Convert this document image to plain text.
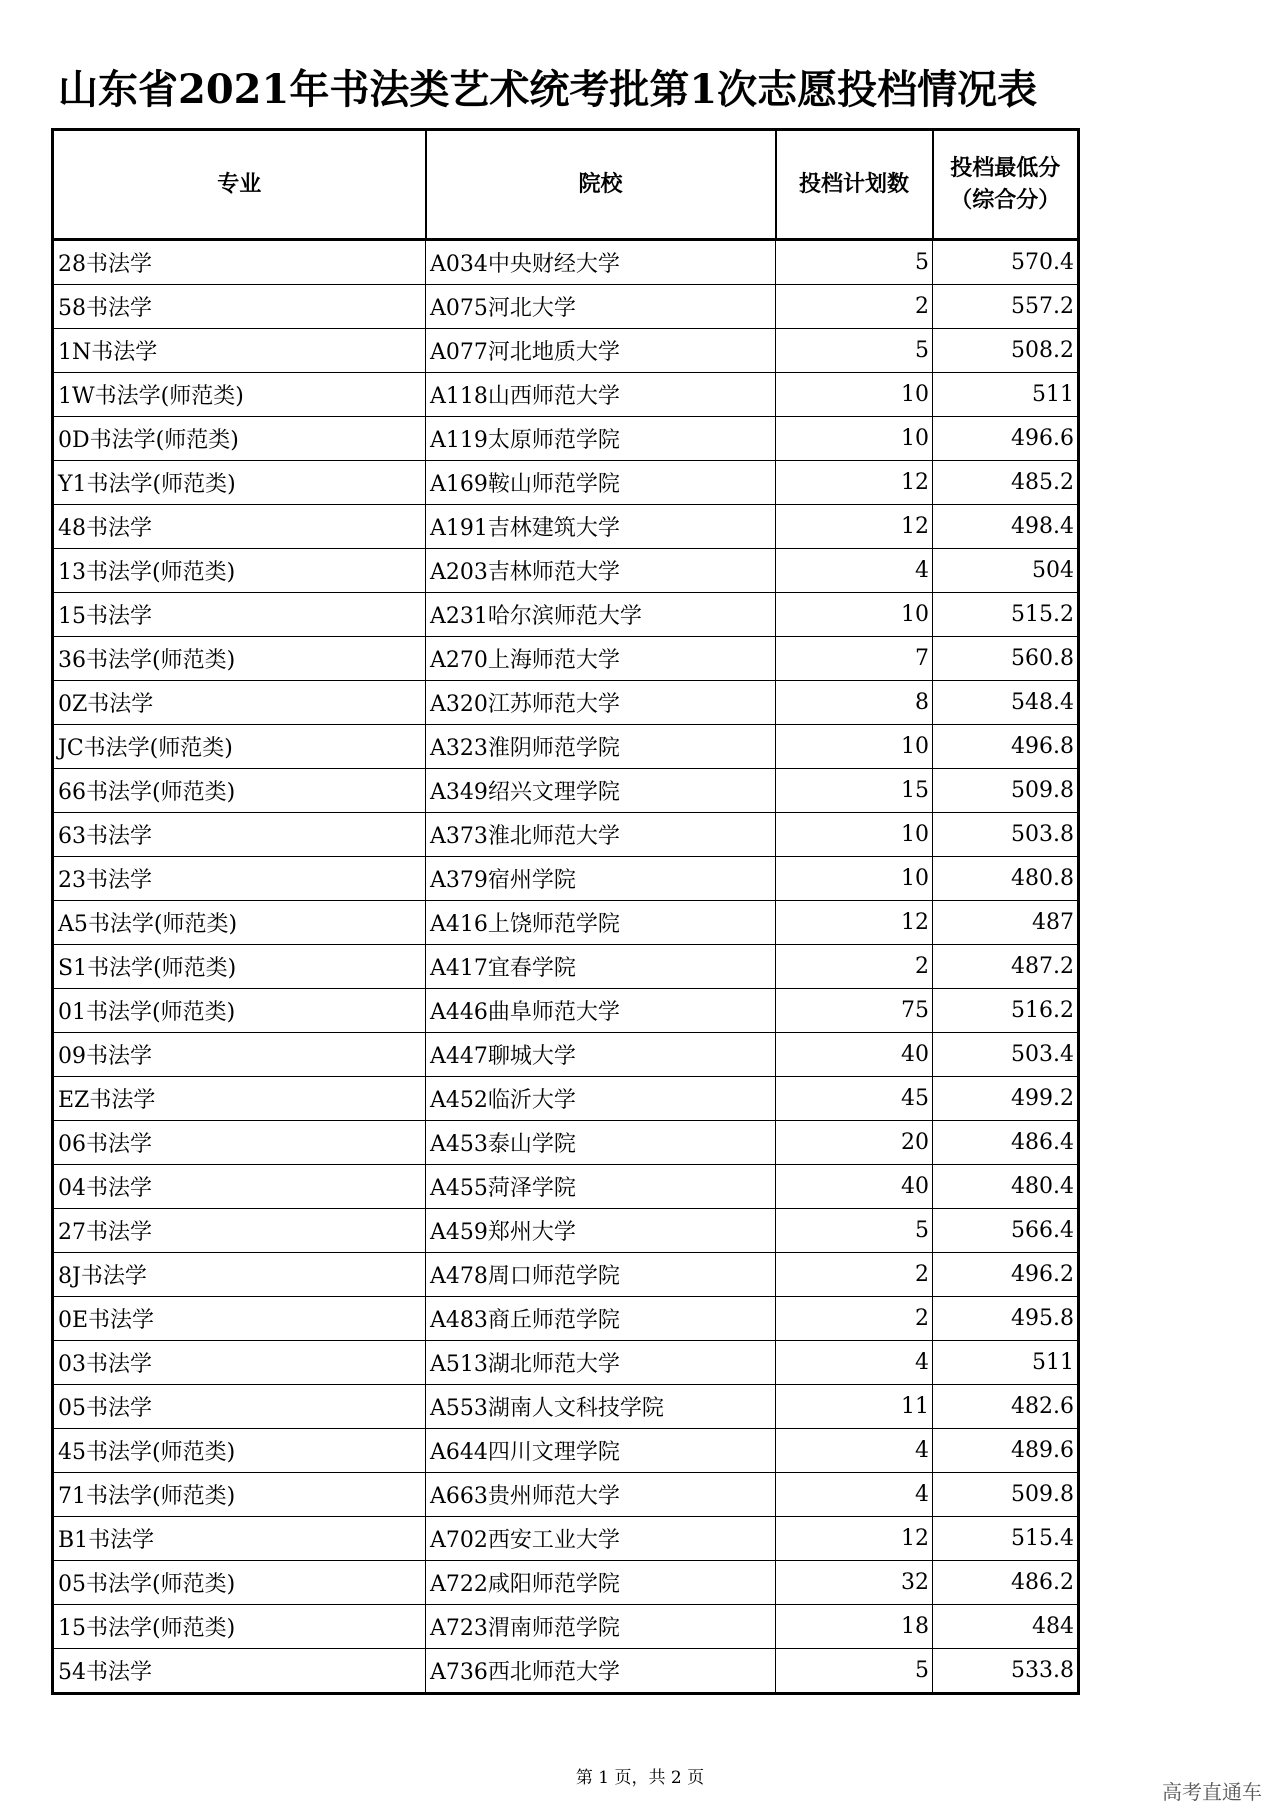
山东省2021年书法类艺术统考批第1次志愿投档情况表
专业	院校	投档计划数	投档最低分
（综合分）

28书法学	A034中央财经大学	5	570.4
58书法学	A075河北大学	2	557.2
1N书法学	A077河北地质大学	5	508.2
1W书法学(师范类)	A118山西师范大学	10	511
0D书法学(师范类)	A119太原师范学院	10	496.6
Y1书法学(师范类)	A169鞍山师范学院	12	485.2
48书法学	A191吉林建筑大学	12	498.4
13书法学(师范类)	A203吉林师范大学	4	504
15书法学	A231哈尔滨师范大学	10	515.2
36书法学(师范类)	A270上海师范大学	7	560.8
0Z书法学	A320江苏师范大学	8	548.4
JC书法学(师范类)	A323淮阴师范学院	10	496.8
66书法学(师范类)	A349绍兴文理学院	15	509.8
63书法学	A373淮北师范大学	10	503.8
23书法学	A379宿州学院	10	480.8
A5书法学(师范类)	A416上饶师范学院	12	487
S1书法学(师范类)	A417宜春学院	2	487.2
01书法学(师范类)	A446曲阜师范大学	75	516.2
09书法学	A447聊城大学	40	503.4
EZ书法学	A452临沂大学	45	499.2
06书法学	A453泰山学院	20	486.4
04书法学	A455菏泽学院	40	480.4
27书法学	A459郑州大学	5	566.4
8J书法学	A478周口师范学院	2	496.2
0E书法学	A483商丘师范学院	2	495.8
03书法学	A513湖北师范大学	4	511
05书法学	A553湖南人文科技学院	11	482.6
45书法学(师范类)	A644四川文理学院	4	489.6
71书法学(师范类)	A663贵州师范大学	4	509.8
B1书法学	A702西安工业大学	12	515.4
05书法学(师范类)	A722咸阳师范学院	32	486.2
15书法学(师范类)	A723渭南师范学院	18	484
54书法学	A736西北师范大学	5	533.8
第 1 页，共 2 页
高考直通车
